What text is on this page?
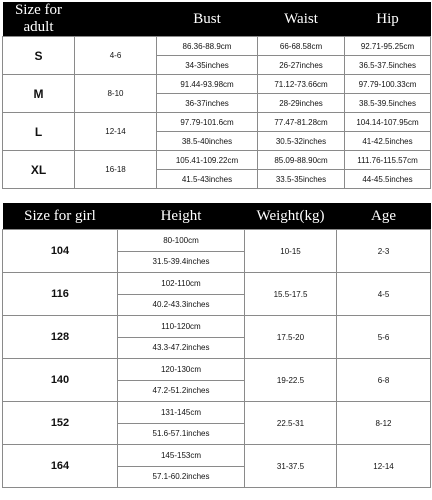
Size for adult		Bust	Waist	Hip
S	4-6	86.36-88.9cm	66-68.58cm	92.71-95.25cm
		34-35inches	26-27inches	36.5-37.5inches
M	8-10	91.44-93.98cm	71.12-73.66cm	97.79-100.33cm
		36-37inches	28-29inches	38.5-39.5inches
L	12-14	97.79-101.6cm	77.47-81.28cm	104.14-107.95cm
		38.5-40inches	30.5-32inches	41-42.5inches
XL	16-18	105.41-109.22cm	85.09-88.90cm	111.76-115.57cm
		41.5-43inches	33.5-35inches	44-45.5inches
Size for girl	Height	Weight(kg)	Age
104	80-100cm	10-15	2-3
	31.5-39.4inches		
116	102-110cm	15.5-17.5	4-5
	40.2-43.3inches		
128	110-120cm	17.5-20	5-6
	43.3-47.2inches		
140	120-130cm	19-22.5	6-8
	47.2-51.2inches		
152	131-145cm	22.5-31	8-12
	51.6-57.1inches		
164	145-153cm	31-37.5	12-14
	57.1-60.2inches		
